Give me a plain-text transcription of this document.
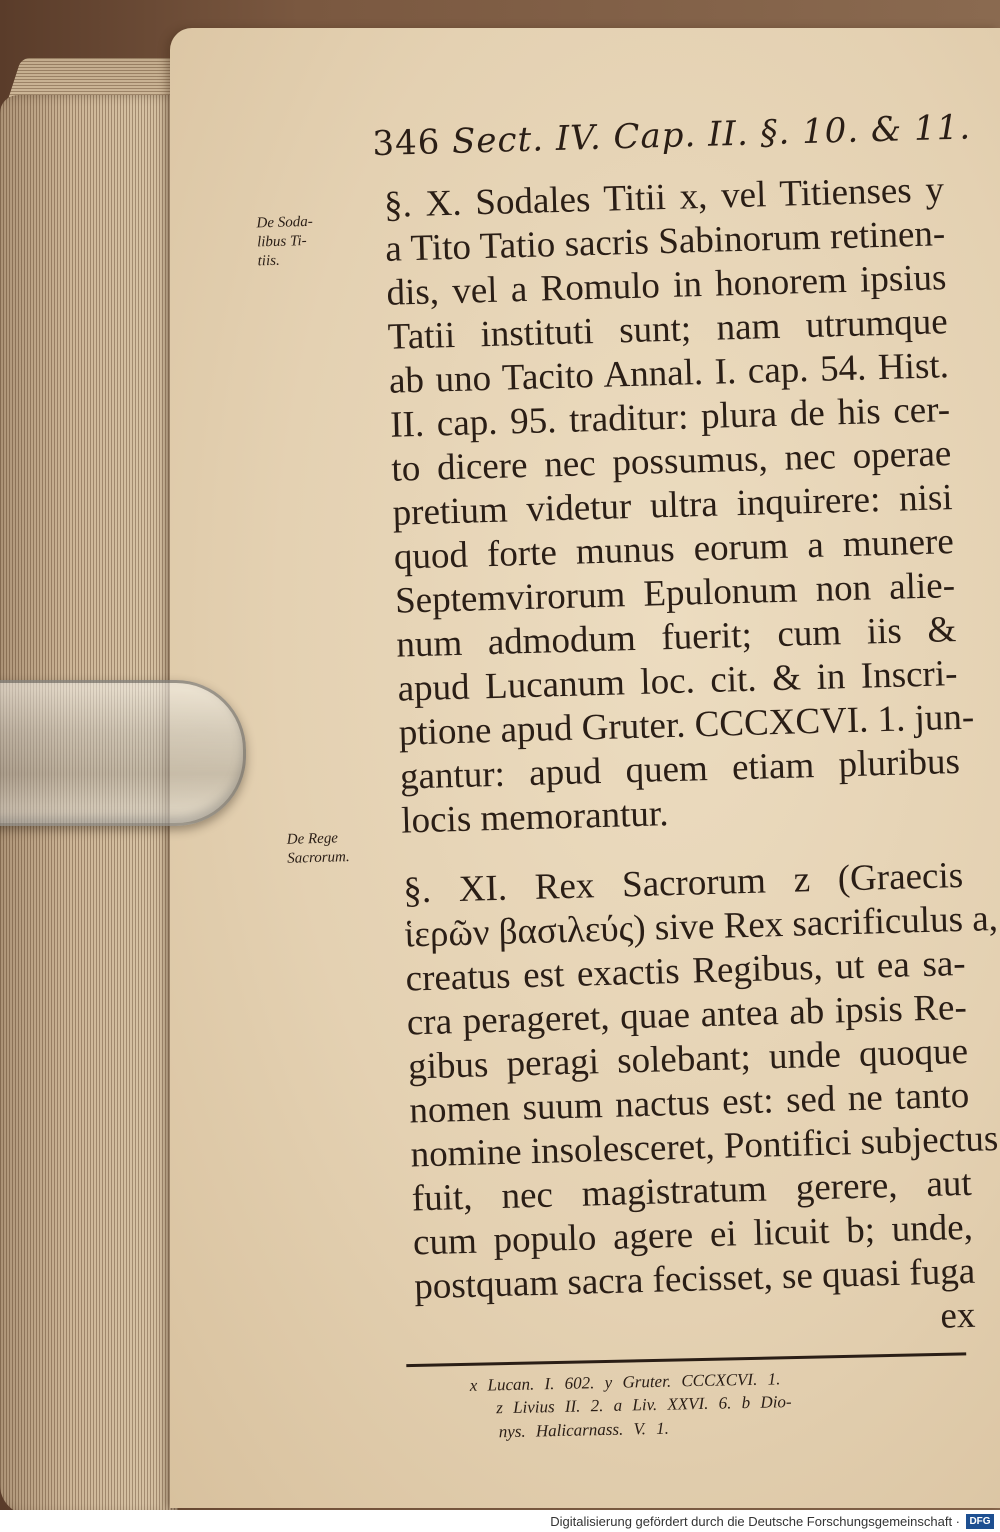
346 Sect. IV. Cap. II. §. 10. & 11.
De Soda-
libus Ti-
tiis.
De Rege
Sacrorum.
§. X. Sodales Titii x, vel Titienses y
a Tito Tatio sacris Sabinorum retinen-
dis, vel a Romulo in honorem ipsius
Tatii instituti sunt; nam utrumque
ab uno Tacito Annal. I. cap. 54. Hist.
II. cap. 95. traditur: plura de his cer-
to dicere nec possumus, nec operae
pretium videtur ultra inquirere: nisi
quod forte munus eorum a munere
Septemvirorum Epulonum non alie-
num admodum fuerit; cum iis &
apud Lucanum loc. cit. & in Inscri-
ptione apud Gruter. CCCXCVI. 1. jun-
gantur: apud quem etiam pluribus
locis memorantur.
§. XI. Rex Sacrorum z (Graecis
ἱερῶν βασιλεύς) sive Rex sacrificulus a,
creatus est exactis Regibus, ut ea sa-
cra perageret, quae antea ab ipsis Re-
gibus peragi solebant; unde quoque
nomen suum nactus est: sed ne tanto
nomine insolesceret, Pontifici subjectus
fuit, nec magistratum gerere, aut
cum populo agere ei licuit b; unde,
postquam sacra fecisset, se quasi fuga
ex
x Lucan. I. 602. y Gruter. CCCXCVI. 1.
z Livius II. 2. a Liv. XXVI. 6. b Dio-
nys. Halicarnass. V. 1.
Digitalisierung gefördert durch die Deutsche Forschungsgemeinschaft · DFG
